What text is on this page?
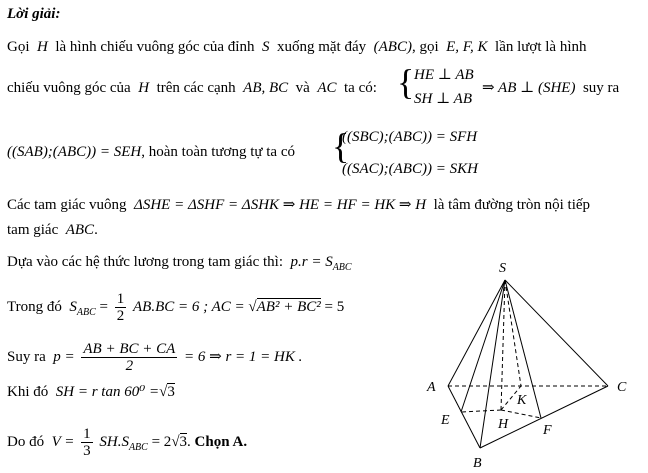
Lời giải:
Gọi H là hình chiếu vuông góc của đỉnh S xuống mặt đáy (ABC), gọi E, F, K lần lượt là hình
chiếu vuông góc của H trên các cạnh AB, BC và AC ta có: { HE ⊥ AB
SH ⊥ AB
⇒ AB ⊥ (SHE) suy ra
((SAB);(ABC)) = SEH, hoàn toàn tương tự ta có {
((SBC);(ABC)) = SFH
((SAC);(ABC)) = SKH
Các tam giác vuông ΔSHE = ΔSHF = ΔSHK ⇒ HE = HF = HK ⇒ H là tâm đường tròn nội tiếp
tam giác ABC.
Dựa vào các hệ thức lương trong tam giác thì: $p.r = S_{ABC}$
Trong đó $S_{ABC} = \frac{1}{2} AB.BC = 6$ ; AC = √AB² + BC² = 5
Suy ra $p = \frac{AB + BC + CA}{2} = 6$ ⇒ r = 1 = HK .
Khi đó SH = r tan 60⁰ =√3
Do đó $V = \frac{1}{3} SH.S_{ABC} = 2√3$. Chọn A.
S
A
B
C
E
F
H
K
